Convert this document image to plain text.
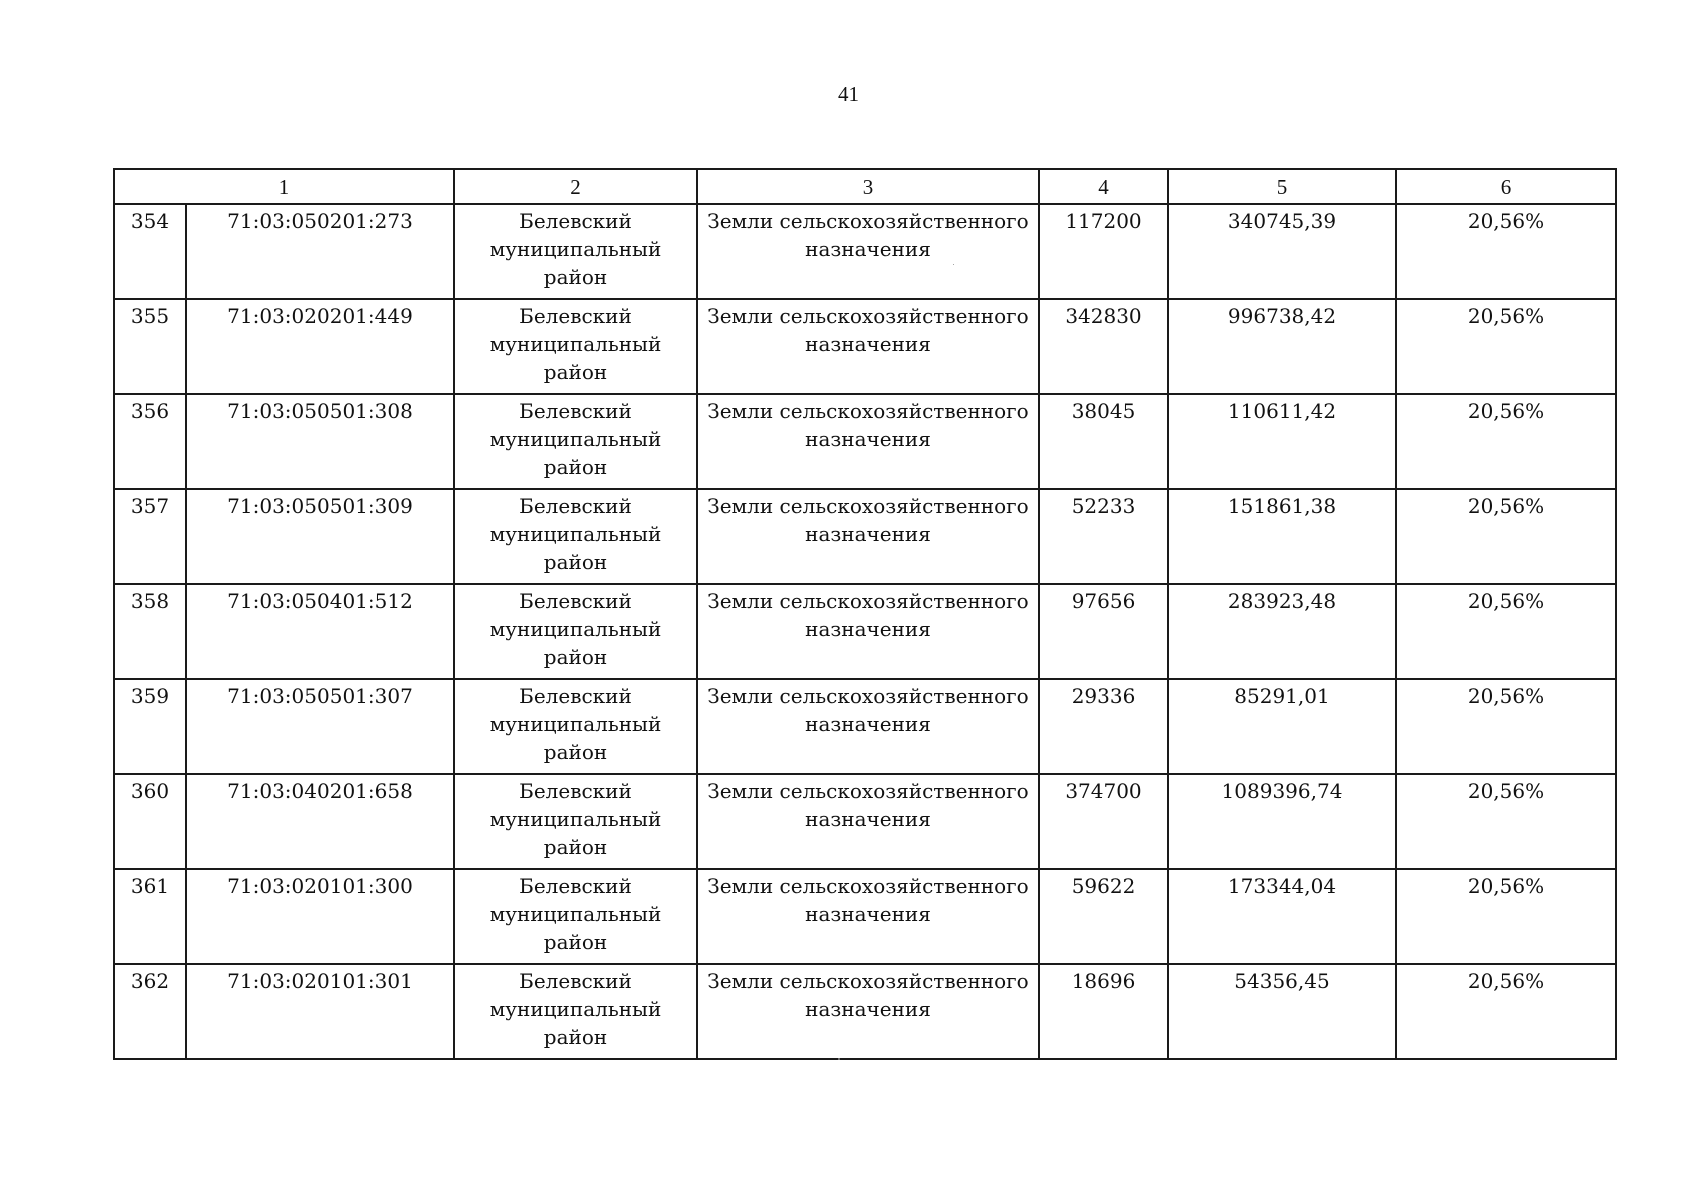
41
1		2	3	4	5	6

354	71:03:050201:273	Белевский
муниципальный
район	Земли сельскохозяйственного
назначения	117200	340745,39	20,56%

355	71:03:020201:449	Белевский
муниципальный
район	Земли сельскохозяйственного
назначения	342830	996738,42	20,56%

356	71:03:050501:308	Белевский
муниципальный
район	Земли сельскохозяйственного
назначения	38045	110611,42	20,56%

357	71:03:050501:309	Белевский
муниципальный
район	Земли сельскохозяйственного
назначения	52233	151861,38	20,56%

358	71:03:050401:512	Белевский
муниципальный
район	Земли сельскохозяйственного
назначения	97656	283923,48	20,56%

359	71:03:050501:307	Белевский
муниципальный
район	Земли сельскохозяйственного
назначения	29336	85291,01	20,56%

360	71:03:040201:658	Белевский
муниципальный
район	Земли сельскохозяйственного
назначения	374700	1089396,74	20,56%

361	71:03:020101:300	Белевский
муниципальный
район	Земли сельскохозяйственного
назначения	59622	173344,04	20,56%

362	71:03:020101:301	Белевский
муниципальный
район	Земли сельскохозяйственного
назначения	18696	54356,45	20,56%
